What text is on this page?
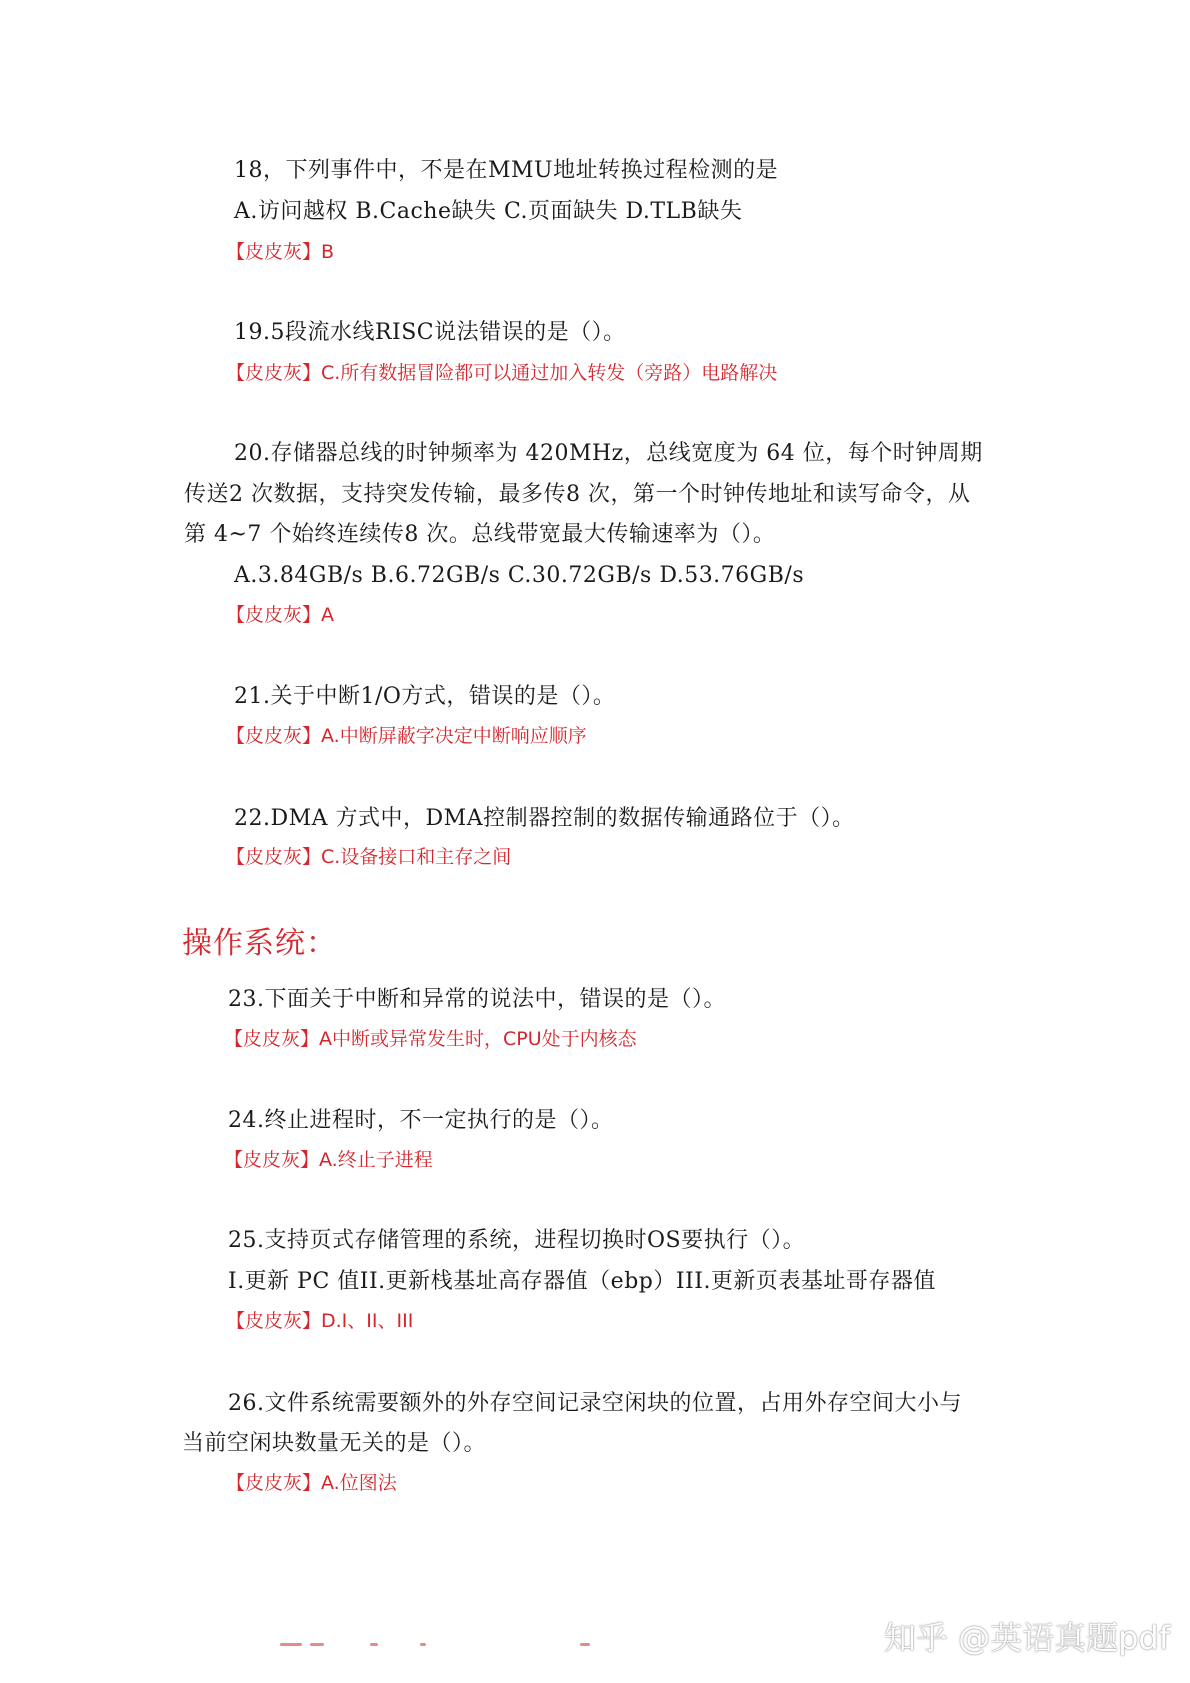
18，下列事件中，不是在MMU地址转换过程检测的是
A.访问越权 B.Cache缺失 C.页面缺失 D.TLB缺失
【皮皮灰】B
19.5段流水线RISC说法错误的是（）。
【皮皮灰】C.所有数据冒险都可以通过加入转发（旁路）电路解决
20.存储器总线的时钟频率为 420MHz，总线宽度为 64 位，每个时钟周期
传送2 次数据，支持突发传输，最多传8 次，第一个时钟传地址和读写命令，从
第 4~7 个始终连续传8 次。总线带宽最大传输速率为（）。
A.3.84GB/s B.6.72GB/s C.30.72GB/s D.53.76GB/s
【皮皮灰】A
21.关于中断1/O方式，错误的是（）。
【皮皮灰】A.中断屏蔽字决定中断响应顺序
22.DMA 方式中，DMA控制器控制的数据传输通路位于（）。
【皮皮灰】C.设备接口和主存之间
操作系统：
23.下面关于中断和异常的说法中，错误的是（）。
【皮皮灰】A中断或异常发生时，CPU处于内核态
24.终止进程时，不一定执行的是（）。
【皮皮灰】A.终止子进程
25.支持页式存储管理的系统，进程切换时OS要执行（）。
I.更新 PC 值II.更新栈基址高存器值（ebp）III.更新页表基址哥存器值
【皮皮灰】D.I、II、III
26.文件系统需要额外的外存空间记录空闲块的位置，占用外存空间大小与
当前空闲块数量无关的是（）。
【皮皮灰】A.位图法
知乎 @英语真题pdf
